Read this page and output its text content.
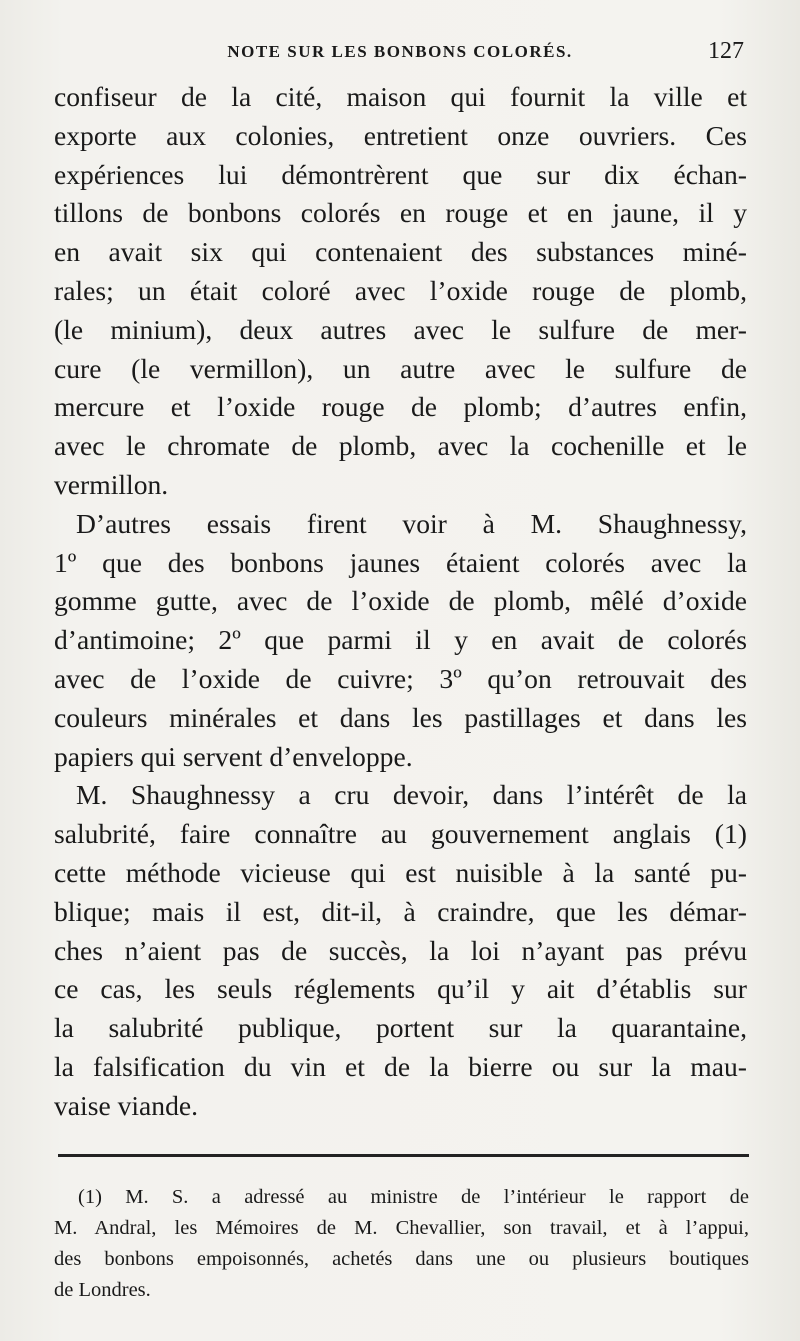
NOTE SUR LES BONBONS COLORÉS.	127
confiseur de la cité, maison qui fournit la ville et
exporte aux colonies, entretient onze ouvriers. Ces
expériences lui démontrèrent que sur dix échan-
tillons de bonbons colorés en rouge et en jaune, il y
en avait six qui contenaient des substances miné-
rales; un était coloré avec l’oxide rouge de plomb,
(le minium), deux autres avec le sulfure de mer-
cure (le vermillon), un autre avec le sulfure de
mercure et l’oxide rouge de plomb; d’autres enfin,
avec le chromate de plomb, avec la cochenille et le
vermillon.
D’autres essais firent voir à M. Shaughnessy,
1º que des bonbons jaunes étaient colorés avec la
gomme gutte, avec de l’oxide de plomb, mêlé d’oxide
d’antimoine; 2º que parmi il y en avait de colorés
avec de l’oxide de cuivre; 3º qu’on retrouvait des
couleurs minérales et dans les pastillages et dans les
papiers qui servent d’enveloppe.
M. Shaughnessy a cru devoir, dans l’intérêt de la
salubrité, faire connaître au gouvernement anglais (1)
cette méthode vicieuse qui est nuisible à la santé pu-
blique; mais il est, dit-il, à craindre, que les démar-
ches n’aient pas de succès, la loi n’ayant pas prévu
ce cas, les seuls réglements qu’il y ait d’établis sur
la salubrité publique, portent sur la quarantaine,
la falsification du vin et de la bierre ou sur la mau-
vaise viande.
(1) M. S. a adressé au ministre de l’intérieur le rapport de
M. Andral, les Mémoires de M. Chevallier, son travail, et à l’appui,
des bonbons empoisonnés, achetés dans une ou plusieurs boutiques
de Londres.
